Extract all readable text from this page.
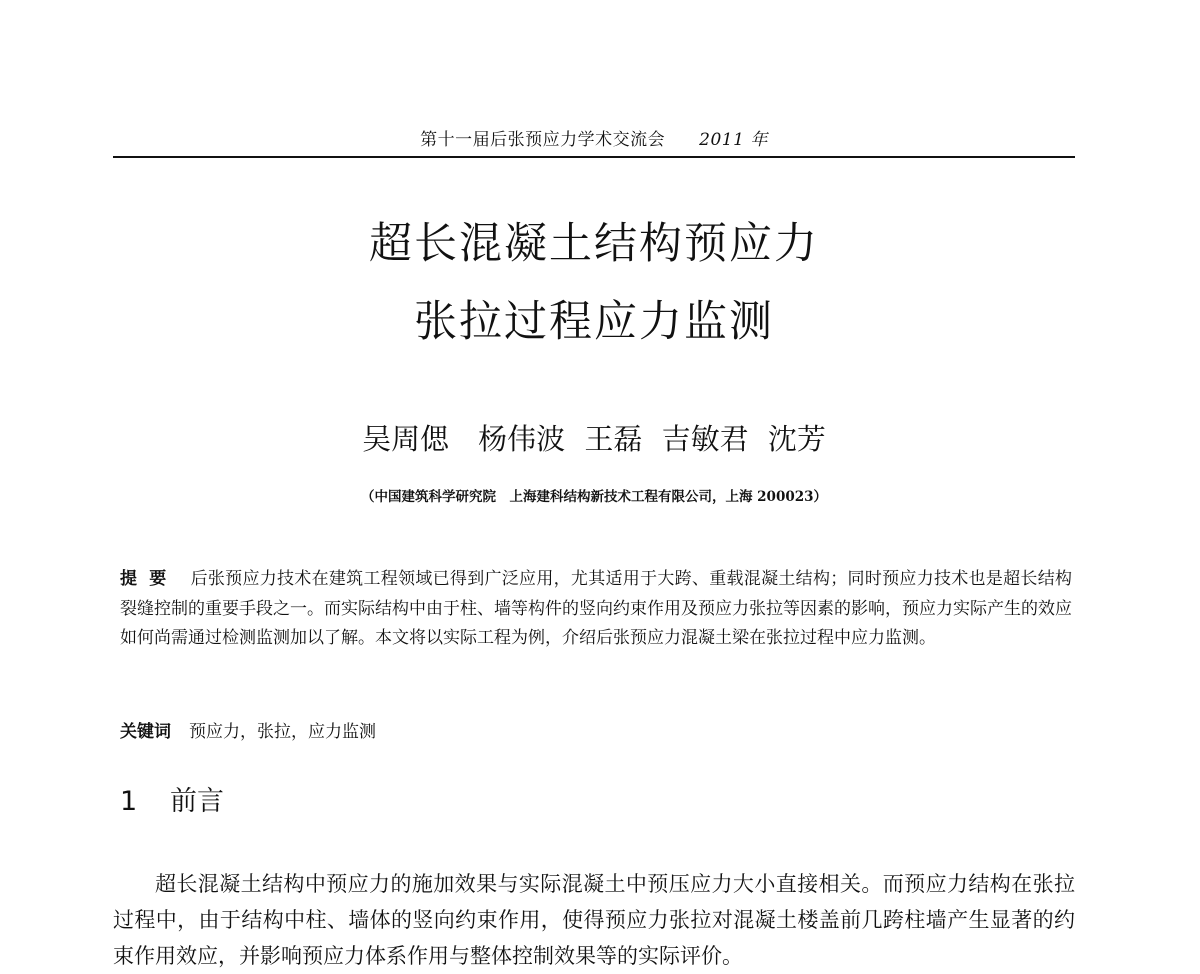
第十一届后张预应力学术交流会 2011 年
超长混凝土结构预应力
张拉过程应力监测
吴周偲　杨伟波 王磊 吉敏君 沈芳
（中国建筑科学研究院　上海建科结构新技术工程有限公司，上海 200023）
提要 后张预应力技术在建筑工程领域已得到广泛应用，尤其适用于大跨、重载混凝土结构；同时预应力技术也是超长结构裂缝控制的重要手段之一。而实际结构中由于柱、墙等构件的竖向约束作用及预应力张拉等因素的影响，预应力实际产生的效应如何尚需通过检测监测加以了解。本文将以实际工程为例，介绍后张预应力混凝土梁在张拉过程中应力监测。
关键词 预应力，张拉，应力监测
1 前言
超长混凝土结构中预应力的施加效果与实际混凝土中预压应力大小直接相关。而预应力结构在张拉过程中，由于结构中柱、墙体的竖向约束作用，使得预应力张拉对混凝土楼盖前几跨柱墙产生显著的约束作用效应，并影响预应力体系作用与整体控制效果等的实际评价。
